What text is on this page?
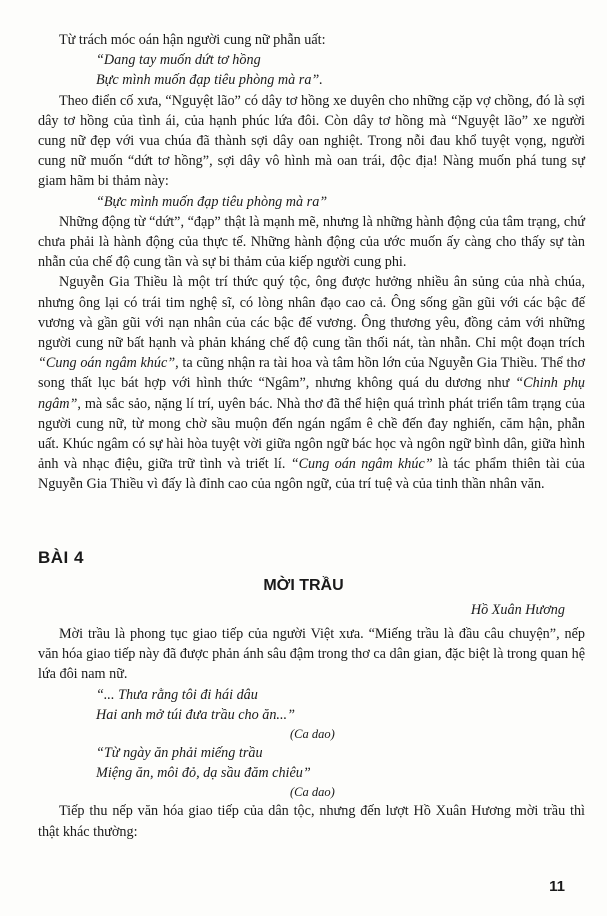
Từ trách móc oán hận người cung nữ phẫn uất:

“Dang tay muốn dứt tơ hồng

Bực mình muốn đạp tiêu phòng mà ra”.

Theo điển cố xưa, “Nguyệt lão” có dây tơ hồng xe duyên cho những cặp vợ chồng, đó là sợi dây tơ hồng của tình ái, của hạnh phúc lứa đôi. Còn dây tơ hồng mà “Nguyệt lão” xe người cung nữ đẹp với vua chúa đã thành sợi dây oan nghiệt. Trong nỗi đau khổ tuyệt vọng, người cung nữ muốn “dứt tơ hồng”, sợi dây vô hình mà oan trái, độc địa! Nàng muốn phá tung sự giam hãm bi thảm này:

“Bực mình muốn đạp tiêu phòng mà ra”

Những động từ “dứt”, “đạp” thật là mạnh mẽ, nhưng là những hành động của tâm trạng, chứ chưa phải là hành động của thực tế. Những hành động của ước muốn ấy càng cho thấy sự tàn nhẫn của chế độ cung tần và sự bi thảm của kiếp người cung phi.

Nguyễn Gia Thiều là một trí thức quý tộc, ông được hưởng nhiều ân sủng của nhà chúa, nhưng ông lại có trái tim nghệ sĩ, có lòng nhân đạo cao cả. Ông sống gần gũi với các bậc đế vương và gần gũi với nạn nhân của các bậc đế vương. Ông thương yêu, đồng cảm với những người cung nữ bất hạnh và phản kháng chế độ cung tần thối nát, tàn nhẫn. Chỉ một đoạn trích “Cung oán ngâm khúc”, ta cũng nhận ra tài hoa và tâm hồn lớn của Nguyễn Gia Thiều. Thể thơ song thất lục bát hợp với hình thức “Ngâm”, nhưng không quá du dương như “Chinh phụ ngâm”, mà sắc sảo, nặng lí trí, uyên bác. Nhà thơ đã thể hiện quá trình phát triển tâm trạng của người cung nữ, từ mong chờ sầu muộn đến ngán ngẩm ê chề đến đay nghiến, căm hận, phẫn uất. Khúc ngâm có sự hài hòa tuyệt vời giữa ngôn ngữ bác học và ngôn ngữ bình dân, giữa hình ảnh và nhạc điệu, giữa trữ tình và triết lí. “Cung oán ngâm khúc” là tác phẩm thiên tài của Nguyễn Gia Thiều vì đấy là đỉnh cao của ngôn ngữ, của trí tuệ và của tinh thần nhân văn.

BÀI 4
MỜI TRẦU
Hồ Xuân Hương

Mời trầu là phong tục giao tiếp của người Việt xưa. “Miếng trầu là đầu câu chuyện”, nếp văn hóa giao tiếp này đã được phản ánh sâu đậm trong thơ ca dân gian, đặc biệt là trong quan hệ lứa đôi nam nữ.

“... Thưa rằng tôi đi hái dâu

Hai anh mở túi đưa trầu cho ăn...”

(Ca dao)

“Từ ngày ăn phải miếng trầu

Miệng ăn, môi đỏ, dạ sầu đăm chiêu”

(Ca dao)

Tiếp thu nếp văn hóa giao tiếp của dân tộc, nhưng đến lượt Hồ Xuân Hương mời trầu thì thật khác thường:

11
